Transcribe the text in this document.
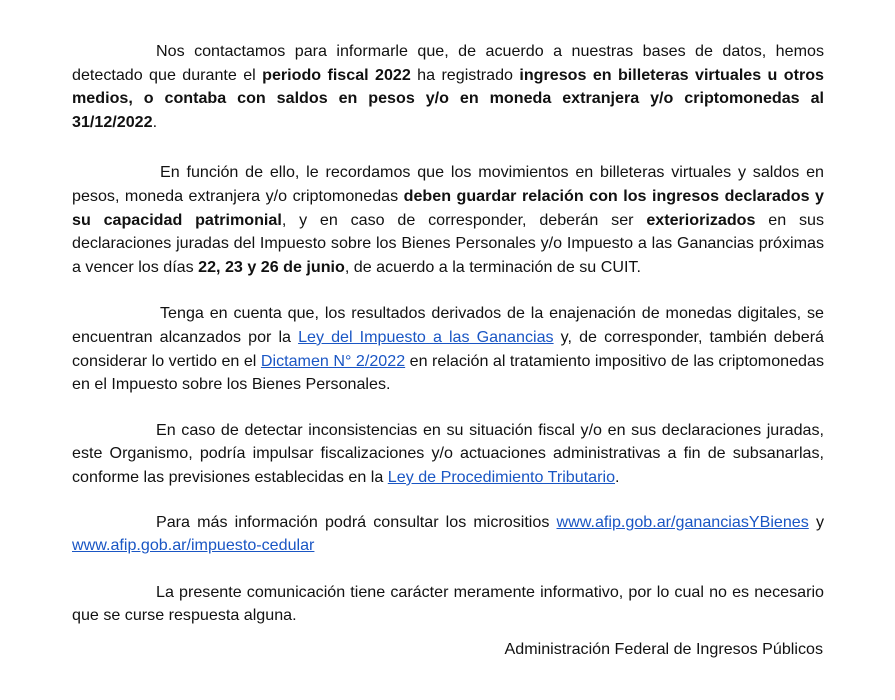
Nos contactamos para informarle que, de acuerdo a nuestras bases de datos, hemos detectado que durante el periodo fiscal 2022 ha registrado ingresos en billeteras virtuales u otros medios, o contaba con saldos en pesos y/o en moneda extranjera y/o criptomonedas al 31/12/2022.

En función de ello, le recordamos que los movimientos en billeteras virtuales y saldos en pesos, moneda extranjera y/o criptomonedas deben guardar relación con los ingresos declarados y su capacidad patrimonial, y en caso de corresponder, deberán ser exteriorizados en sus declaraciones juradas del Impuesto sobre los Bienes Personales y/o Impuesto a las Ganancias próximas a vencer los días 22, 23 y 26 de junio, de acuerdo a la terminación de su CUIT.

Tenga en cuenta que, los resultados derivados de la enajenación de monedas digitales, se encuentran alcanzados por la Ley del Impuesto a las Ganancias y, de corresponder, también deberá considerar lo vertido en el Dictamen N° 2/2022 en relación al tratamiento impositivo de las criptomonedas en el Impuesto sobre los Bienes Personales.

En caso de detectar inconsistencias en su situación fiscal y/o en sus declaraciones juradas, este Organismo, podría impulsar fiscalizaciones y/o actuaciones administrativas a fin de subsanarlas, conforme las previsiones establecidas en la Ley de Procedimiento Tributario.

Para más información podrá consultar los micrositios www.afip.gob.ar/gananciasYBienes y www.afip.gob.ar/impuesto-cedular

La presente comunicación tiene carácter meramente informativo, por lo cual no es necesario que se curse respuesta alguna.

Administración Federal de Ingresos Públicos
